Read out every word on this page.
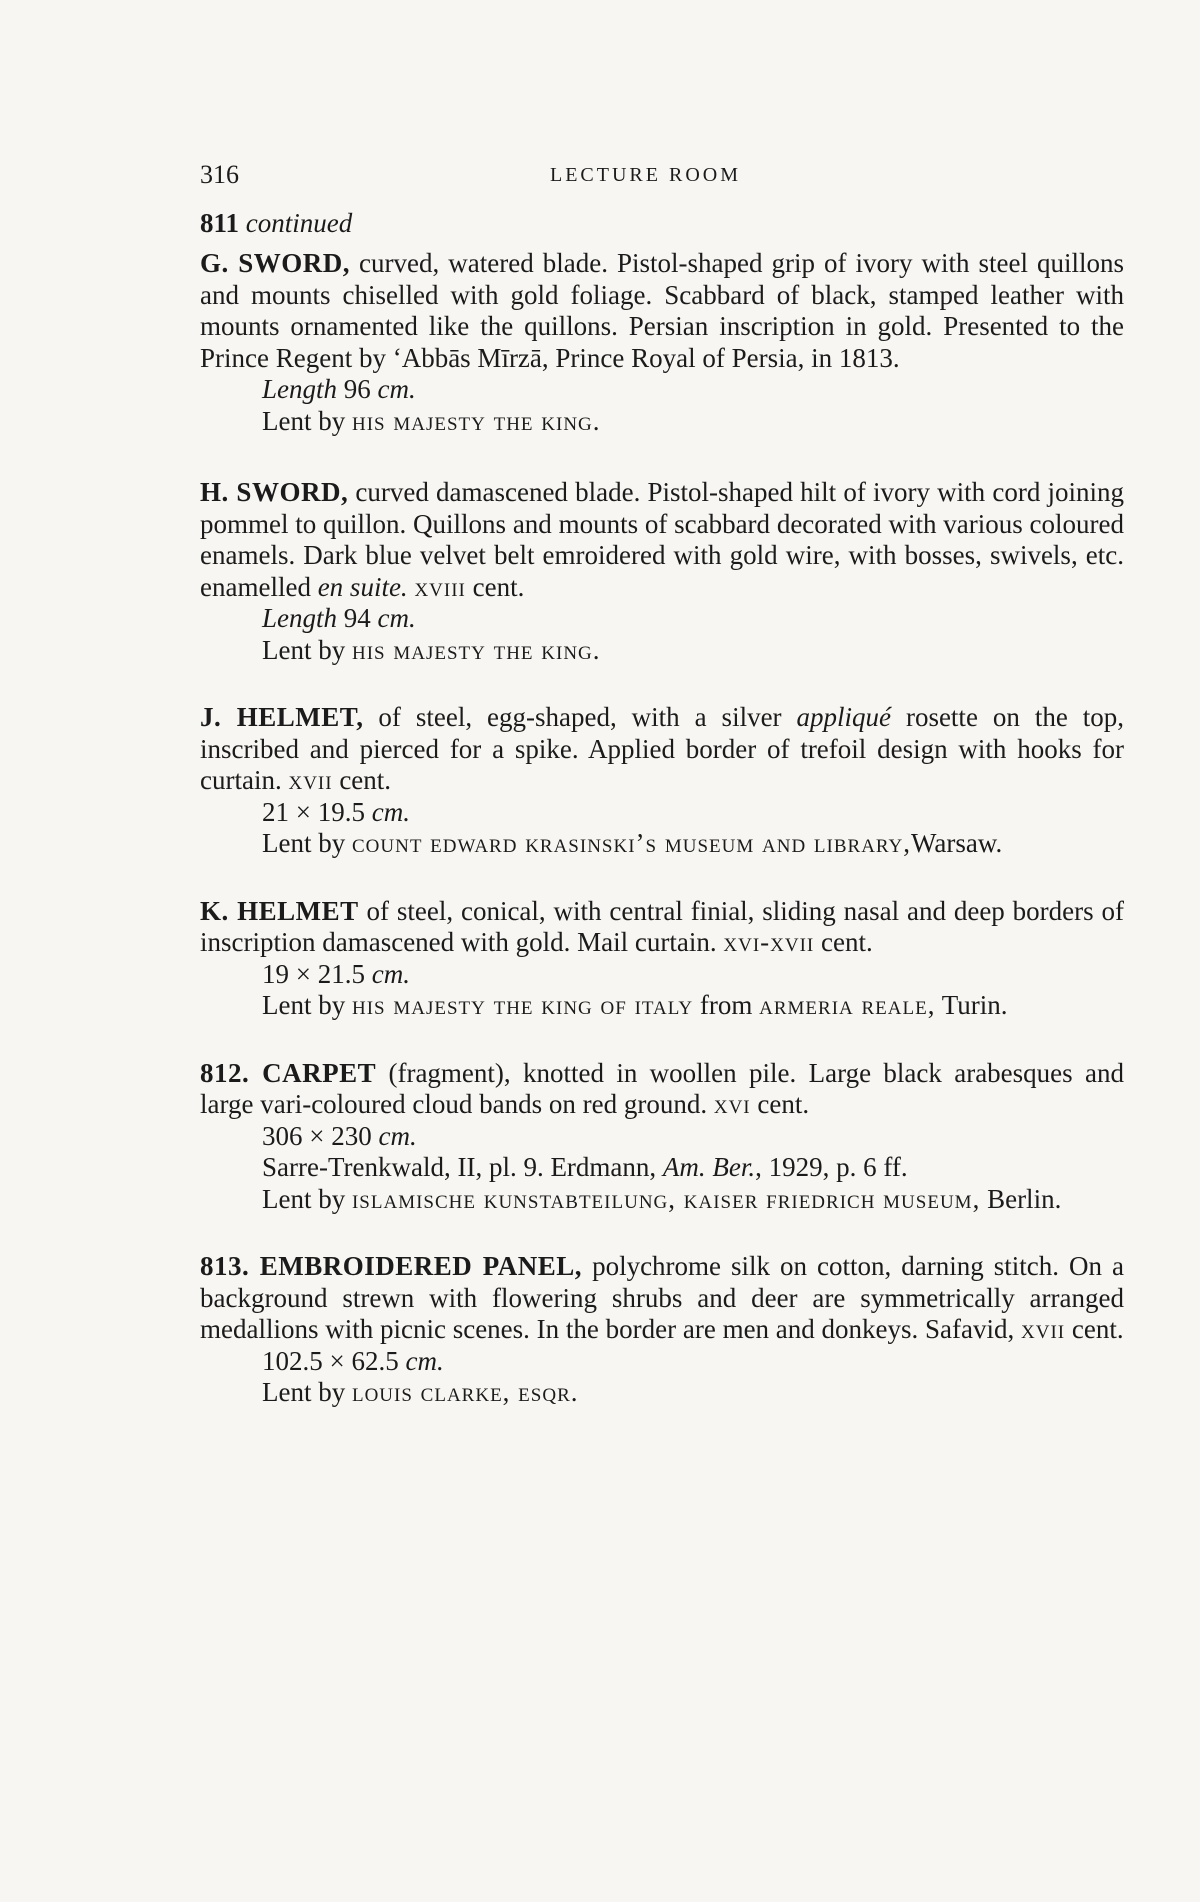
316	LECTURE ROOM
811 continued

G. SWORD, curved, watered blade. Pistol-shaped grip of ivory with steel quillons and mounts chiselled with gold foliage. Scabbard of black, stamped leather with mounts ornamented like the quillons. Persian inscription in gold. Presented to the Prince Regent by ‘Abbās Mīrzā, Prince Royal of Persia, in 1813.

Length 96 cm.
Lent by his majesty the king.

H. SWORD, curved damascened blade. Pistol-shaped hilt of ivory with cord joining pommel to quillon. Quillons and mounts of scabbard decorated with various coloured enamels. Dark blue velvet belt emroidered with gold wire, with bosses, swivels, etc. enamelled en suite. xviii cent.

Length 94 cm.
Lent by his majesty the king.

J. HELMET, of steel, egg-shaped, with a silver appliqué rosette on the top, inscribed and pierced for a spike. Applied border of trefoil design with hooks for curtain. xvii cent.

21 × 19.5 cm.
Lent by count edward krasinski’s museum and library,Warsaw.

K. HELMET of steel, conical, with central finial, sliding nasal and deep borders of inscription damascened with gold. Mail curtain. xvi-xvii cent.

19 × 21.5 cm.
Lent by his majesty the king of italy from armeria reale, Turin.

812. CARPET (fragment), knotted in woollen pile. Large black arabesques and large vari-coloured cloud bands on red ground. xvi cent.

306 × 230 cm.
Sarre-Trenkwald, II, pl. 9. Erdmann, Am. Ber., 1929, p. 6 ff.
Lent by islamische kunstabteilung, kaiser friedrich museum, Berlin.

813. EMBROIDERED PANEL, polychrome silk on cotton, darning stitch. On a background strewn with flowering shrubs and deer are symmetrically arranged medallions with picnic scenes. In the border are men and donkeys. Safavid, xvii cent.

102.5 × 62.5 cm.
Lent by louis clarke, esqr.
